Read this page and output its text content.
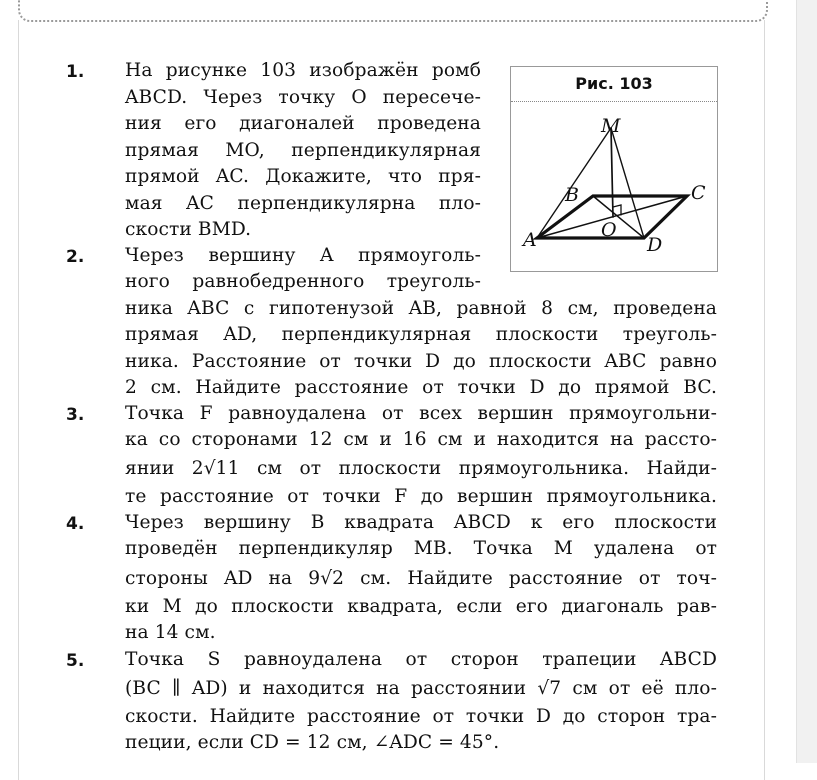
1. На рисунке 103 изображён ромб
ABCD. Через точку O пересече-
ния его диагоналей проведена
прямая MO, перпендикулярная
прямой AC. Докажите, что пря-
мая AC перпендикулярна пло-
скости BMD.
2. Через вершину A прямоуголь-
ного равнобедренного треуголь-
ника ABC с гипотенузой AB, равной 8 см, проведена
прямая AD, перпендикулярная плоскости треуголь-
ника. Расстояние от точки D до плоскости ABC равно
2 см. Найдите расстояние от точки D до прямой BC.
3. Точка F равноудалена от всех вершин прямоугольни-
ка со сторонами 12 см и 16 см и находится на рассто-
янии 2√11 см от плоскости прямоугольника. Найди-
те расстояние от точки F до вершин прямоугольника.
4. Через вершину B квадрата ABCD к его плоскости
проведён перпендикуляр MB. Точка M удалена от
стороны AD на 9√2 см. Найдите расстояние от точ-
ки M до плоскости квадрата, если его диагональ рав-
на 14 см.
5. Точка S равноудалена от сторон трапеции ABCD
(BC ∥ AD) и находится на расстоянии √7 см от её пло-
скости. Найдите расстояние от точки D до сторон тра-
пеции, если CD = 12 см, ∠ADC = 45°.
Рис. 103
M
B	C
O
A	D
